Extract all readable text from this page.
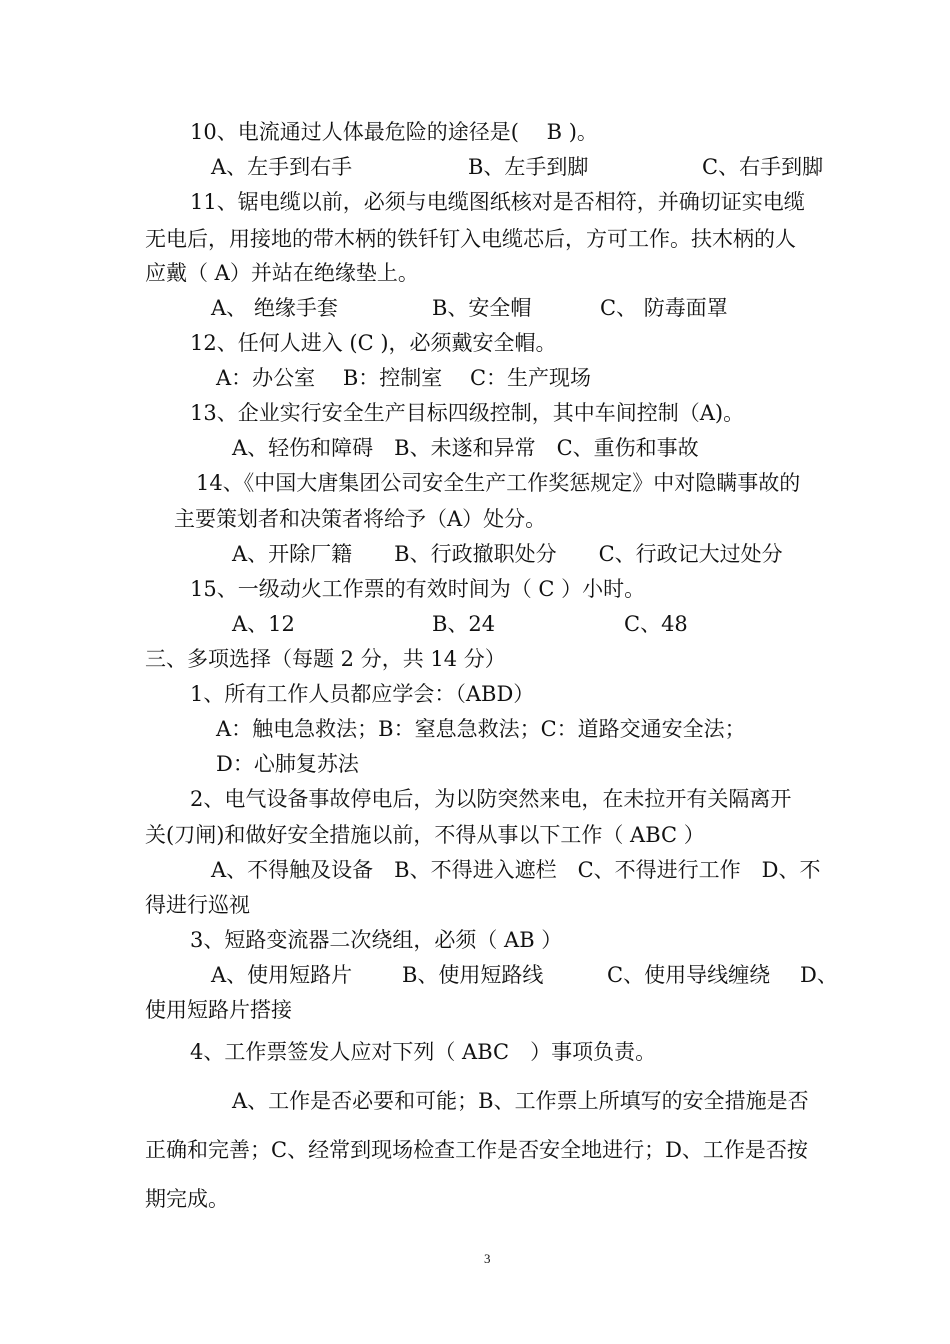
10、电流通过人体最危险的途径是(　 B )。
A、左手到右手	B、左手到脚	C、右手到脚
11、锯电缆以前，必须与电缆图纸核对是否相符，并确切证实电缆
无电后，用接地的带木柄的铁钎钉入电缆芯后，方可工作。扶木柄的人
应戴（ A）并站在绝缘垫上。
A、 绝缘手套	B、安全帽	C、 防毒面罩
12、任何人进入 (C )，必须戴安全帽。
A：办公室　 B：控制室　 C：生产现场
13、企业实行安全生产目标四级控制，其中车间控制（A)。
A、轻伤和障碍　B、未遂和异常　C、重伤和事故
14、《中国大唐集团公司安全生产工作奖惩规定》中对隐瞒事故的
主要策划者和决策者将给予（A）处分。
A、开除厂籍　　B、行政撤职处分　　C、行政记大过处分
15、一级动火工作票的有效时间为（ C ）小时。
A、12	B、24	C、48
三、多项选择（每题 2 分，共 14 分）
1、所有工作人员都应学会：（ABD）
A：触电急救法；B：窒息急救法；C：道路交通安全法；
D：心肺复苏法
2、电气设备事故停电后，为以防突然来电，在未拉开有关隔离开
关(刀闸)和做好安全措施以前，不得从事以下工作（ ABC ）
A、不得触及设备　B、不得进入遮栏　C、不得进行工作　D、不
得进行巡视
3、短路变流器二次绕组，必须（ AB ）
A、使用短路片 B、使用短路线	C、使用导线缠绕 D、
使用短路片搭接
4、工作票签发人应对下列（ ABC　）事项负责。
A、工作是否必要和可能；B、工作票上所填写的安全措施是否
正确和完善；C、经常到现场检查工作是否安全地进行；D、工作是否按
期完成。
3
